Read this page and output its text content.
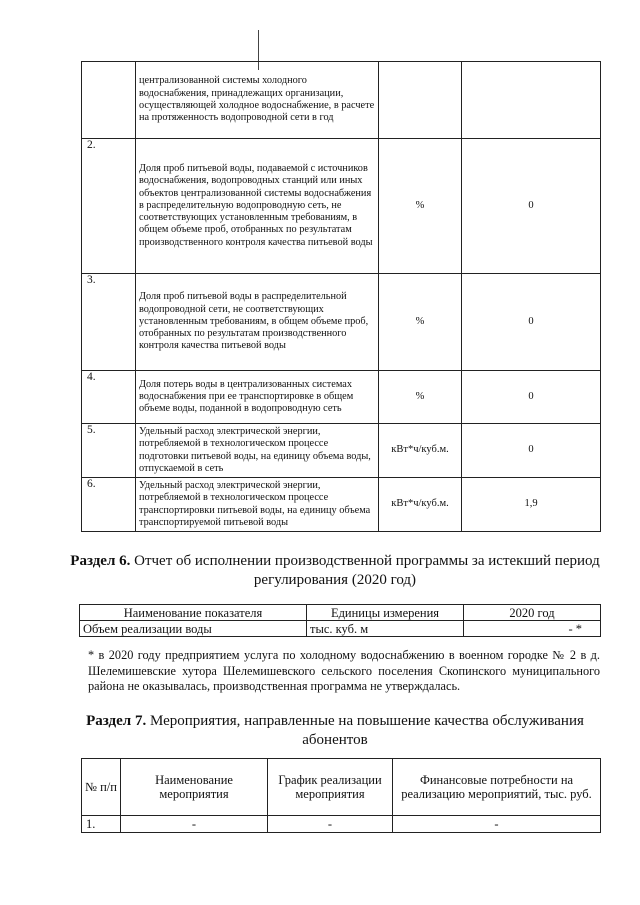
	централизованной системы холодного водоснабжения, принадлежащих организации, осуществляющей холодное водоснабжение, в расчете на протяженность водопроводной сети в год		
2.	Доля проб питьевой воды, подаваемой с источников водоснабжения, водопроводных станций или иных объектов централизованной системы водоснабжения в распределительную водопроводную сеть, не соответствующих установленным требованиям, в общем объеме проб, отобранных по результатам производственного контроля качества питьевой воды	%	0
3.	Доля проб питьевой воды в распределительной водопроводной сети, не соответствующих установленным требованиям, в общем объеме проб, отобранных по результатам производственного контроля качества питьевой воды	%	0
4.	Доля потерь воды в централизованных системах водоснабжения при ее транспортировке в общем объеме воды, поданной в водопроводную сеть	%	0
5.	Удельный расход электрической энергии, потребляемой в технологическом процессе подготовки питьевой воды, на единицу объема воды, отпускаемой в сеть	кВт*ч/куб.м.	0
6.	Удельный расход электрической энергии, потребляемой в технологическом процессе транспортировки питьевой воды, на единицу объема транспортируемой питьевой воды	кВт*ч/куб.м.	1,9
Раздел 6. Отчет об исполнении производственной программы за истекший период регулирования (2020 год)
Наименование показателя	Единицы измерения	2020 год
Объем реализации воды	тыс. куб. м	- *
* в 2020 году предприятием услуга по холодному водоснабжению в военном городке № 2 в д. Шелемишевские хутора Шелемишевского сельского поселения Скопинского муниципального района не оказывалась, производственная программа не утверждалась.
Раздел 7. Мероприятия, направленные на повышение качества обслуживания абонентов
№ п/п	Наименование мероприятия	График реализации мероприятия	Финансовые потребности на реализацию мероприятий, тыс. руб.
1.	-	-	-
